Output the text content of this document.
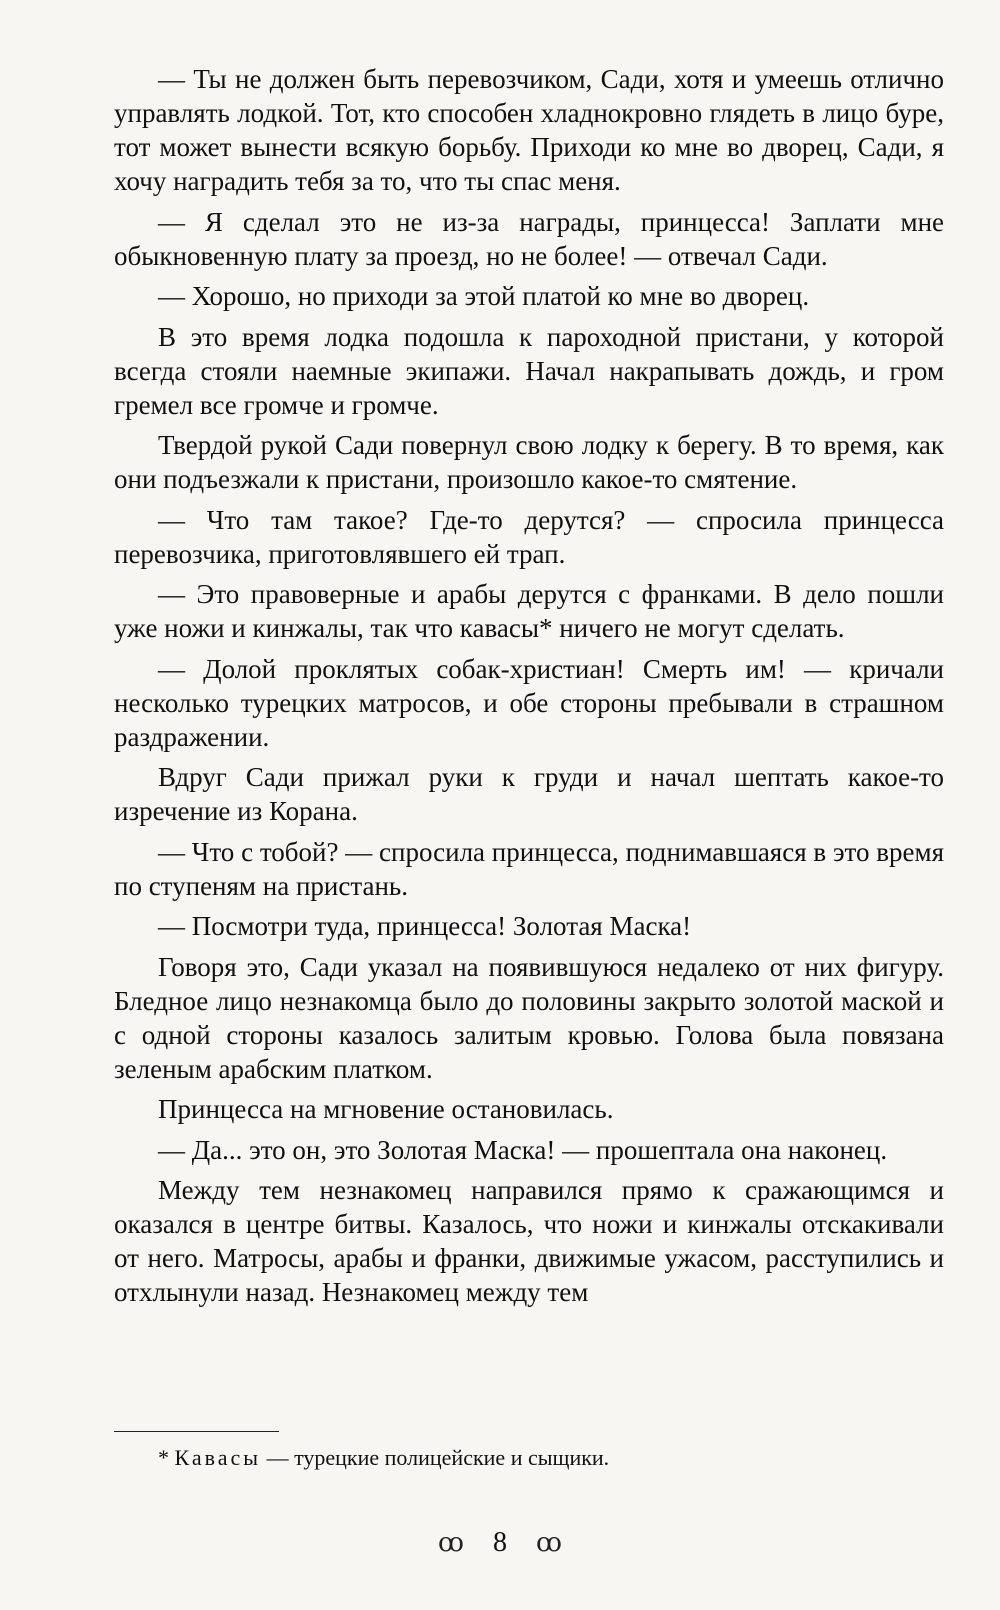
— Ты не должен быть перевозчиком, Сади, хотя и умеешь отлично управлять лодкой. Тот, кто способен хладнокровно глядеть в лицо буре, тот может вынести всякую борьбу. Приходи ко мне во дворец, Сади, я хочу наградить тебя за то, что ты спас меня.

— Я сделал это не из-за награды, принцесса! Заплати мне обыкновенную плату за проезд, но не более! — отвечал Сади.

— Хорошо, но приходи за этой платой ко мне во дворец.

В это время лодка подошла к пароходной пристани, у которой всегда стояли наемные экипажи. Начал накрапывать дождь, и гром гремел все громче и громче.

Твердой рукой Сади повернул свою лодку к берегу. В то время, как они подъезжали к пристани, произошло какое-то смятение.

— Что там такое? Где-то дерутся? — спросила принцесса перевозчика, приготовлявшего ей трап.

— Это правоверные и арабы дерутся с франками. В дело пошли уже ножи и кинжалы, так что кавасы* ничего не могут сделать.

— Долой проклятых собак-христиан! Смерть им! — кричали несколько турецких матросов, и обе стороны пребывали в страшном раздражении.

Вдруг Сади прижал руки к груди и начал шептать какое-то изречение из Корана.

— Что с тобой? — спросила принцесса, поднимавшаяся в это время по ступеням на пристань.

— Посмотри туда, принцесса! Золотая Маска!

Говоря это, Сади указал на появившуюся недалеко от них фигуру. Бледное лицо незнакомца было до половины закрыто золотой маской и с одной стороны казалось залитым кровью. Голова была повязана зеленым арабским платком.

Принцесса на мгновение остановилась.

— Да... это он, это Золотая Маска! — прошептала она наконец.

Между тем незнакомец направился прямо к сражающимся и оказался в центре битвы. Казалось, что ножи и кинжалы отскакивали от него. Матросы, арабы и франки, движимые ужасом, расступились и отхлынули назад. Незнакомец между тем

* Кавасы — турецкие полицейские и сыщики.
ꝏ 8 ꝏ
